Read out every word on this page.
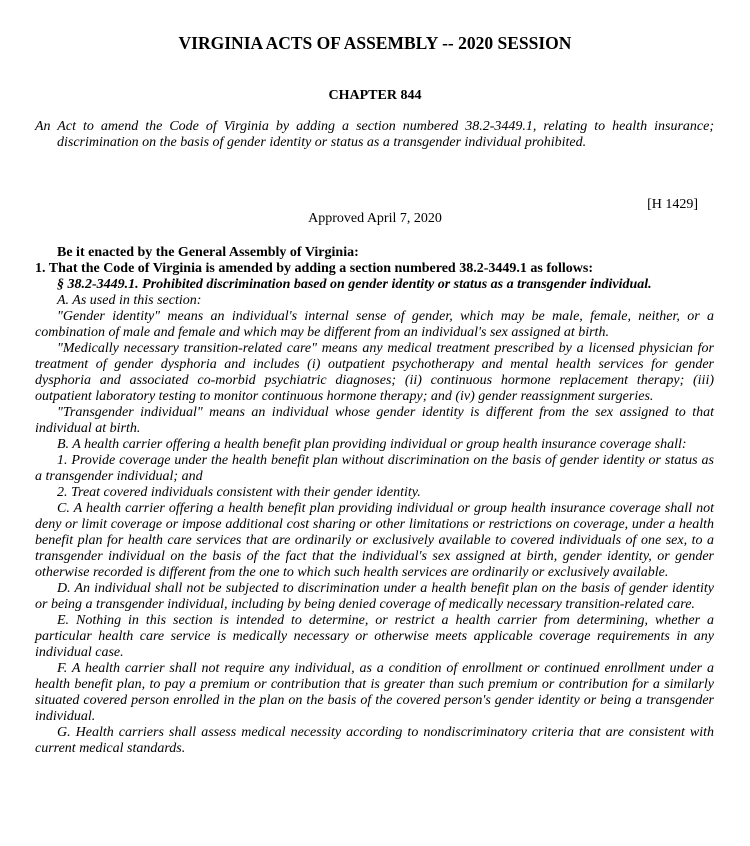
VIRGINIA ACTS OF ASSEMBLY -- 2020 SESSION
CHAPTER 844
An Act to amend the Code of Virginia by adding a section numbered 38.2-3449.1, relating to health insurance; discrimination on the basis of gender identity or status as a transgender individual prohibited.
[H 1429]
Approved April 7, 2020

Be it enacted by the General Assembly of Virginia:

1. That the Code of Virginia is amended by adding a section numbered 38.2-3449.1 as follows:

§ 38.2-3449.1. Prohibited discrimination based on gender identity or status as a transgender individual.

A. As used in this section:

"Gender identity" means an individual's internal sense of gender, which may be male, female, neither, or a combination of male and female and which may be different from an individual's sex assigned at birth.

"Medically necessary transition-related care" means any medical treatment prescribed by a licensed physician for treatment of gender dysphoria and includes (i) outpatient psychotherapy and mental health services for gender dysphoria and associated co-morbid psychiatric diagnoses; (ii) continuous hormone replacement therapy; (iii) outpatient laboratory testing to monitor continuous hormone therapy; and (iv) gender reassignment surgeries.

"Transgender individual" means an individual whose gender identity is different from the sex assigned to that individual at birth.

B. A health carrier offering a health benefit plan providing individual or group health insurance coverage shall:

1. Provide coverage under the health benefit plan without discrimination on the basis of gender identity or status as a transgender individual; and

2. Treat covered individuals consistent with their gender identity.

C. A health carrier offering a health benefit plan providing individual or group health insurance coverage shall not deny or limit coverage or impose additional cost sharing or other limitations or restrictions on coverage, under a health benefit plan for health care services that are ordinarily or exclusively available to covered individuals of one sex, to a transgender individual on the basis of the fact that the individual's sex assigned at birth, gender identity, or gender otherwise recorded is different from the one to which such health services are ordinarily or exclusively available.

D. An individual shall not be subjected to discrimination under a health benefit plan on the basis of gender identity or being a transgender individual, including by being denied coverage of medically necessary transition-related care.

E. Nothing in this section is intended to determine, or restrict a health carrier from determining, whether a particular health care service is medically necessary or otherwise meets applicable coverage requirements in any individual case.

F. A health carrier shall not require any individual, as a condition of enrollment or continued enrollment under a health benefit plan, to pay a premium or contribution that is greater than such premium or contribution for a similarly situated covered person enrolled in the plan on the basis of the covered person's gender identity or being a transgender individual.

G. Health carriers shall assess medical necessity according to nondiscriminatory criteria that are consistent with current medical standards.
